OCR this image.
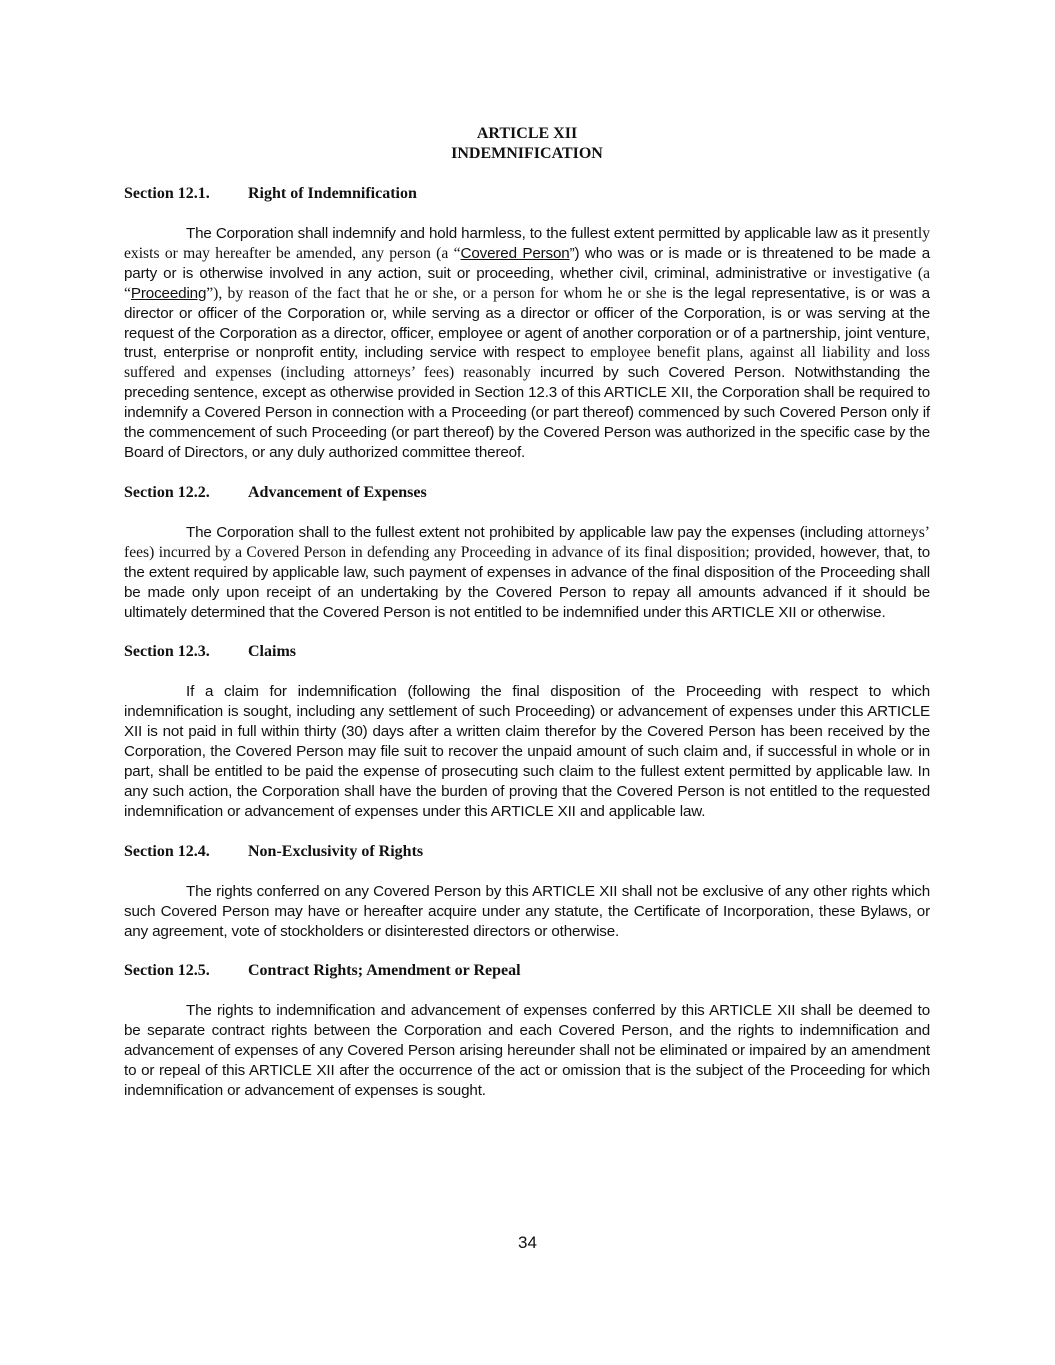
ARTICLE XII

INDEMNIFICATION

Section 12.1.	Right of Indemnification

The Corporation shall indemnify and hold harmless, to the fullest extent permitted by applicable law as it presently exists or may hereafter be amended, any person (a “Covered Person”) who was or is made or is threatened to be made a party or is otherwise involved in any action, suit or proceeding, whether civil, criminal, administrative or investigative (a “Proceeding”), by reason of the fact that he or she, or a person for whom he or she is the legal representative, is or was a director or officer of the Corporation or, while serving as a director or officer of the Corporation, is or was serving at the request of the Corporation as a director, officer, employee or agent of another corporation or of a partnership, joint venture, trust, enterprise or nonprofit entity, including service with respect to employee benefit plans, against all liability and loss suffered and expenses (including attorneys’ fees) reasonably incurred by such Covered Person. Notwithstanding the preceding sentence, except as otherwise provided in Section 12.3 of this ARTICLE XII, the Corporation shall be required to indemnify a Covered Person in connection with a Proceeding (or part thereof) commenced by such Covered Person only if the commencement of such Proceeding (or part thereof) by the Covered Person was authorized in the specific case by the Board of Directors, or any duly authorized committee thereof.

Section 12.2.	Advancement of Expenses

The Corporation shall to the fullest extent not prohibited by applicable law pay the expenses (including attorneys’ fees) incurred by a Covered Person in defending any Proceeding in advance of its final disposition; provided, however, that, to the extent required by applicable law, such payment of expenses in advance of the final disposition of the Proceeding shall be made only upon receipt of an undertaking by the Covered Person to repay all amounts advanced if it should be ultimately determined that the Covered Person is not entitled to be indemnified under this ARTICLE XII or otherwise.

Section 12.3.	Claims

If a claim for indemnification (following the final disposition of the Proceeding with respect to which indemnification is sought, including any settlement of such Proceeding) or advancement of expenses under this ARTICLE XII is not paid in full within thirty (30) days after a written claim therefor by the Covered Person has been received by the Corporation, the Covered Person may file suit to recover the unpaid amount of such claim and, if successful in whole or in part, shall be entitled to be paid the expense of prosecuting such claim to the fullest extent permitted by applicable law. In any such action, the Corporation shall have the burden of proving that the Covered Person is not entitled to the requested indemnification or advancement of expenses under this ARTICLE XII and applicable law.

Section 12.4.	Non-Exclusivity of Rights

The rights conferred on any Covered Person by this ARTICLE XII shall not be exclusive of any other rights which such Covered Person may have or hereafter acquire under any statute, the Certificate of Incorporation, these Bylaws, or any agreement, vote of stockholders or disinterested directors or otherwise.

Section 12.5.	Contract Rights; Amendment or Repeal

The rights to indemnification and advancement of expenses conferred by this ARTICLE XII shall be deemed to be separate contract rights between the Corporation and each Covered Person, and the rights to indemnification and advancement of expenses of any Covered Person arising hereunder shall not be eliminated or impaired by an amendment to or repeal of this ARTICLE XII after the occurrence of the act or omission that is the subject of the Proceeding for which indemnification or advancement of expenses is sought.

34
